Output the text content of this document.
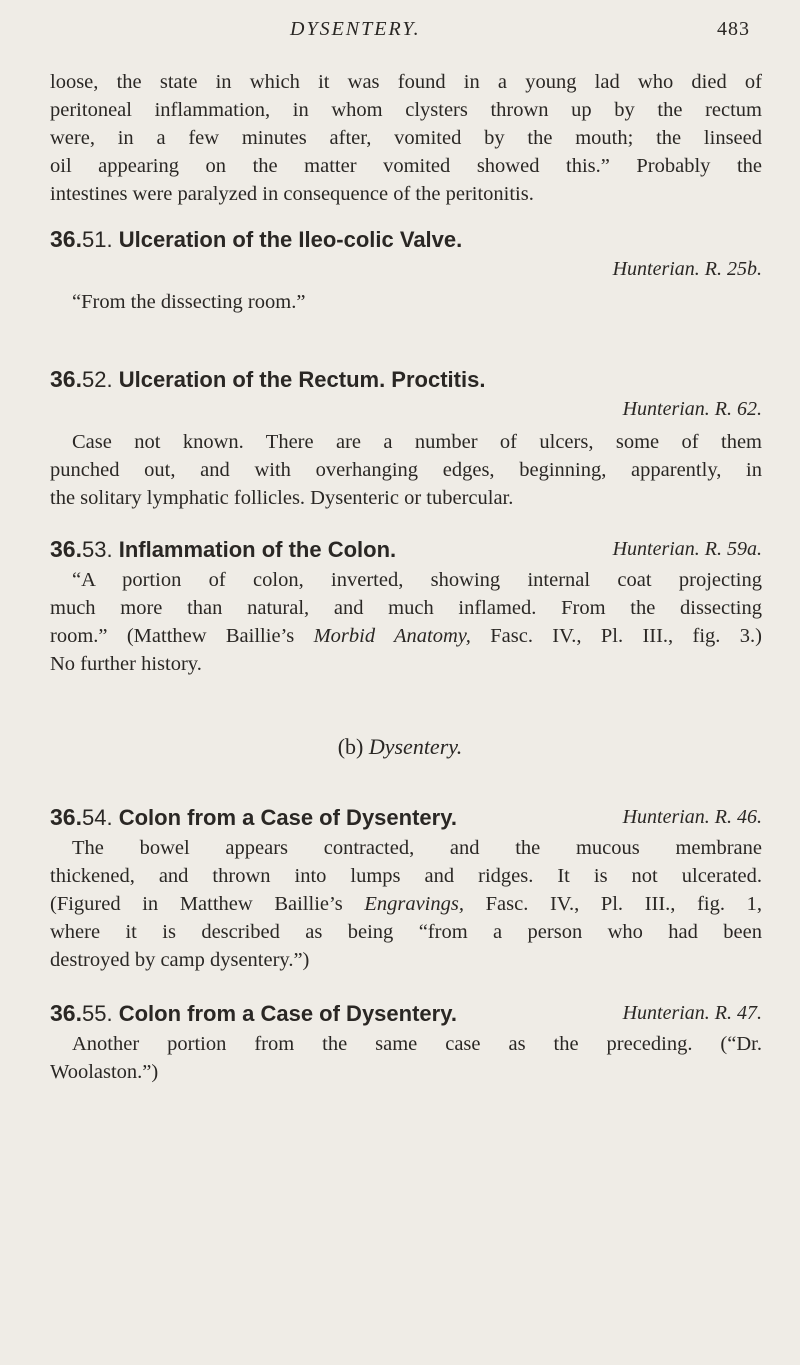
DYSENTERY.	483
loose, the state in which it was found in a young lad who died of
peritoneal inflammation, in whom clysters thrown up by the rectum
were, in a few minutes after, vomited by the mouth; the linseed
oil appearing on the matter vomited showed this.” Probably the
intestines were paralyzed in consequence of the peritonitis.
36.51. Ulceration of the Ileo-colic Valve.
Hunterian. R. 25b.
“From the dissecting room.”
36.52. Ulceration of the Rectum. Proctitis.
Hunterian. R. 62.
Case not known. There are a number of ulcers, some of them
punched out, and with overhanging edges, beginning, apparently, in
the solitary lymphatic follicles. Dysenteric or tubercular.
36.53. Inflammation of the Colon.	Hunterian. R. 59a.
“A portion of colon, inverted, showing internal coat projecting
much more than natural, and much inflamed. From the dissecting
room.” (Matthew Baillie’s Morbid Anatomy, Fasc. IV., Pl. III., fig. 3.)
No further history.
(b) Dysentery.
36.54. Colon from a Case of Dysentery.	Hunterian. R. 46.
The bowel appears contracted, and the mucous membrane
thickened, and thrown into lumps and ridges. It is not ulcerated.
(Figured in Matthew Baillie’s Engravings, Fasc. IV., Pl. III., fig. 1,
where it is described as being “from a person who had been
destroyed by camp dysentery.”)
36.55. Colon from a Case of Dysentery.	Hunterian. R. 47.
Another portion from the same case as the preceding. (“Dr.
Woolaston.”)
